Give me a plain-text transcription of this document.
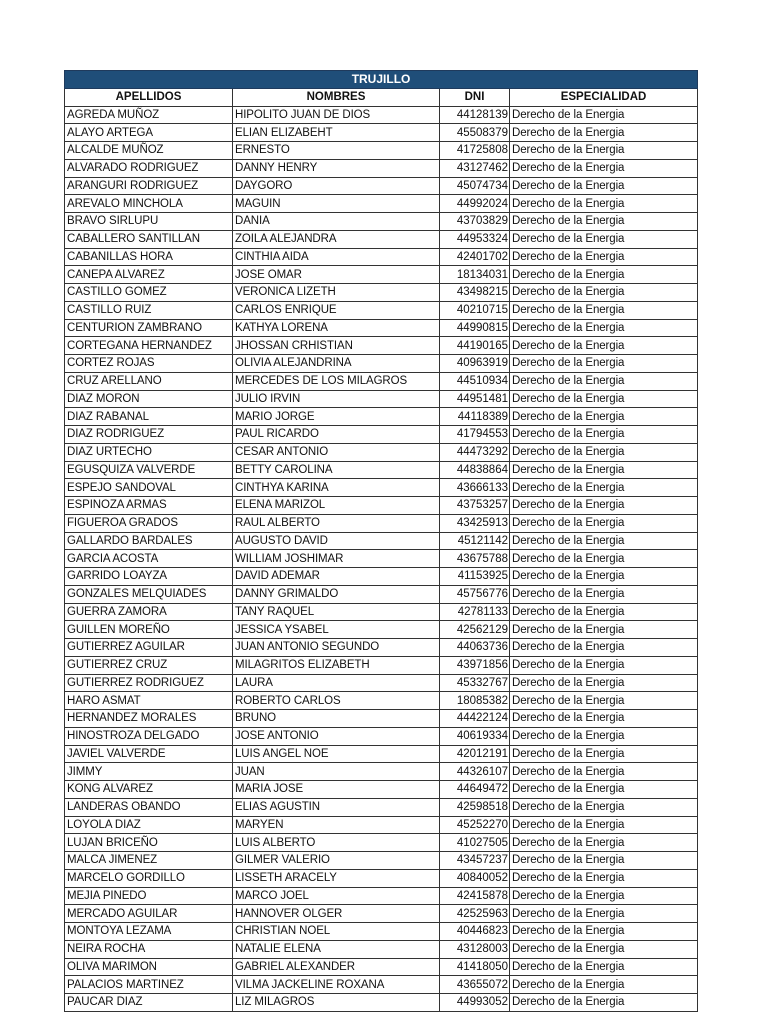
TRUJILLO			
APELLIDOS	NOMBRES	DNI	ESPECIALIDAD
AGREDA MUÑOZ	HIPOLITO JUAN DE DIOS	44128139	Derecho de la Energia
ALAYO ARTEGA	ELIAN ELIZABEHT	45508379	Derecho de la Energia
ALCALDE MUÑOZ	ERNESTO	41725808	Derecho de la Energia
ALVARADO RODRIGUEZ	DANNY HENRY	43127462	Derecho de la Energia
ARANGURI RODRIGUEZ	DAYGORO	45074734	Derecho de la Energia
AREVALO MINCHOLA	MAGUIN	44992024	Derecho de la Energia
BRAVO SIRLUPU	DANIA	43703829	Derecho de la Energia
CABALLERO SANTILLAN	ZOILA ALEJANDRA	44953324	Derecho de la Energia
CABANILLAS HORA	CINTHIA AIDA	42401702	Derecho de la Energia
CANEPA ALVAREZ	JOSE OMAR	18134031	Derecho de la Energia
CASTILLO GOMEZ	VERONICA LIZETH	43498215	Derecho de la Energia
CASTILLO RUIZ	CARLOS ENRIQUE	40210715	Derecho de la Energia
CENTURION ZAMBRANO	KATHYA LORENA	44990815	Derecho de la Energia
CORTEGANA HERNANDEZ	JHOSSAN CRHISTIAN	44190165	Derecho de la Energia
CORTEZ ROJAS	OLIVIA ALEJANDRINA	40963919	Derecho de la Energia
CRUZ ARELLANO	MERCEDES DE LOS MILAGROS	44510934	Derecho de la Energia
DIAZ MORON	JULIO IRVIN	44951481	Derecho de la Energia
DIAZ RABANAL	MARIO JORGE	44118389	Derecho de la Energia
DIAZ RODRIGUEZ	PAUL RICARDO	41794553	Derecho de la Energia
DIAZ URTECHO	CESAR ANTONIO	44473292	Derecho de la Energia
EGUSQUIZA VALVERDE	BETTY CAROLINA	44838864	Derecho de la Energia
ESPEJO SANDOVAL	CINTHYA KARINA	43666133	Derecho de la Energia
ESPINOZA ARMAS	ELENA MARIZOL	43753257	Derecho de la Energia
FIGUEROA GRADOS	RAUL ALBERTO	43425913	Derecho de la Energia
GALLARDO BARDALES	AUGUSTO DAVID	45121142	Derecho de la Energia
GARCIA ACOSTA	WILLIAM JOSHIMAR	43675788	Derecho de la Energia
GARRIDO LOAYZA	DAVID ADEMAR	41153925	Derecho de la Energia
GONZALES MELQUIADES	DANNY GRIMALDO	45756776	Derecho de la Energia
GUERRA ZAMORA	TANY RAQUEL	42781133	Derecho de la Energia
GUILLEN MOREÑO	JESSICA YSABEL	42562129	Derecho de la Energia
GUTIERREZ AGUILAR	JUAN ANTONIO SEGUNDO	44063736	Derecho de la Energia
GUTIERREZ CRUZ	MILAGRITOS ELIZABETH	43971856	Derecho de la Energia
GUTIERREZ RODRIGUEZ	LAURA	45332767	Derecho de la Energia
HARO ASMAT	ROBERTO CARLOS	18085382	Derecho de la Energia
HERNANDEZ MORALES	BRUNO	44422124	Derecho de la Energia
HINOSTROZA DELGADO	JOSE ANTONIO	40619334	Derecho de la Energia
JAVIEL VALVERDE	LUIS ANGEL NOE	42012191	Derecho de la Energia
JIMMY	JUAN	44326107	Derecho de la Energia
KONG ALVAREZ	MARIA JOSE	44649472	Derecho de la Energia
LANDERAS OBANDO	ELIAS AGUSTIN	42598518	Derecho de la Energia
LOYOLA DIAZ	MARYEN	45252270	Derecho de la Energia
LUJAN BRICEÑO	LUIS ALBERTO	41027505	Derecho de la Energia
MALCA JIMENEZ	GILMER VALERIO	43457237	Derecho de la Energia
MARCELO GORDILLO	LISSETH ARACELY	40840052	Derecho de la Energia
MEJIA PINEDO	MARCO JOEL	42415878	Derecho de la Energia
MERCADO AGUILAR	HANNOVER OLGER	42525963	Derecho de la Energia
MONTOYA LEZAMA	CHRISTIAN NOEL	40446823	Derecho de la Energia
NEIRA ROCHA	NATALIE ELENA	43128003	Derecho de la Energia
OLIVA MARIMON	GABRIEL ALEXANDER	41418050	Derecho de la Energia
PALACIOS MARTINEZ	VILMA JACKELINE ROXANA	43655072	Derecho de la Energia
PAUCAR DIAZ	LIZ MILAGROS	44993052	Derecho de la Energia
